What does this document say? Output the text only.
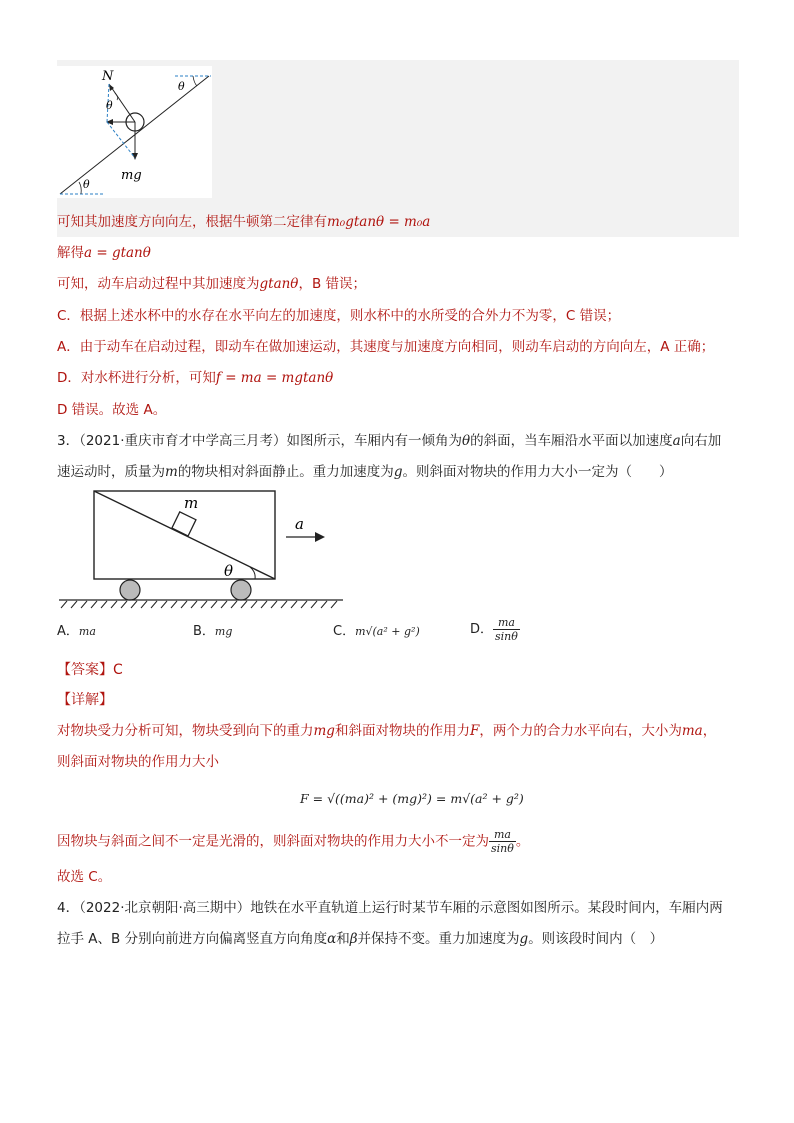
N
θ
θ
θ
mg
可知其加速度方向向左，根据牛顿第二定律有m₀gtanθ = m₀a
解得a = gtanθ
可知，动车启动过程中其加速度为gtanθ，B 错误；
C．根据上述水杯中的水存在水平向左的加速度，则水杯中的水所受的合外力不为零，C 错误；
A．由于动车在启动过程，即动车在做加速运动，其速度与加速度方向相同，则动车启动的方向向左，A 正确；
D．对水杯进行分析，可知f = ma = mgtanθ
D 错误。故选 A。
3．（2021·重庆市育才中学高三月考）如图所示，车厢内有一倾角为θ的斜面，当车厢沿水平面以加速度a向右加
速运动时，质量为m的物块相对斜面静止。重力加速度为g。则斜面对物块的作用力大小一定为（　　）
m
θ
a
A．ma	B．mg	C．m√(a² + g²)	D． $\frac{ma}{\sin\theta}$
【答案】C
【详解】
对物块受力分析可知，物块受到向下的重力mg和斜面对物块的作用力F，两个力的合力水平向右，大小为ma，
则斜面对物块的作用力大小
F = √((ma)² + (mg)²) = m√(a² + g²)
因物块与斜面之间不一定是光滑的，则斜面对物块的作用力大小不一定为 $\frac{ma}{\sin\theta}$ 。
故选 C。
4．（2022·北京朝阳·高三期中）地铁在水平直轨道上运行时某节车厢的示意图如图所示。某段时间内，车厢内两
拉手 A、B 分别向前进方向偏离竖直方向角度α和β并保持不变。重力加速度为g。则该段时间内（　）
